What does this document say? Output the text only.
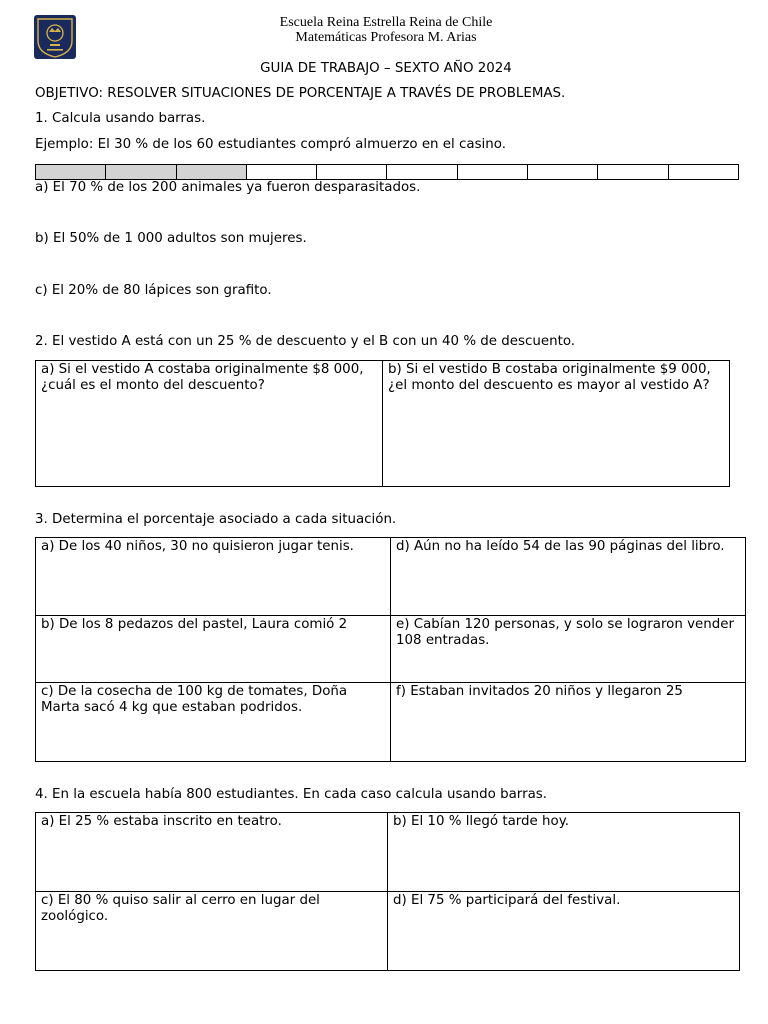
Escuela Reina Estrella Reina de Chile
Matemáticas Profesora M. Arias
GUIA DE TRABAJO – SEXTO AÑO 2024
OBJETIVO: RESOLVER SITUACIONES DE PORCENTAJE A TRAVÉS DE PROBLEMAS.
1. Calcula usando barras.
Ejemplo: El 30 % de los 60 estudiantes compró almuerzo en el casino.
a) El 70 % de los 200 animales ya fueron desparasitados.
b) El 50% de 1 000 adultos son mujeres.
c) El 20% de 80 lápices son grafito.
2. El vestido A está con un 25 % de descuento y el B con un 40 % de descuento.
a) Si el vestido A costaba originalmente $8 000, ¿cuál es el monto del descuento?	b) Si el vestido B costaba originalmente $9 000, ¿el monto del descuento es mayor al vestido A?
3. Determina el porcentaje asociado a cada situación.
a) De los 40 niños, 30 no quisieron jugar tenis.	d) Aún no ha leído 54 de las 90 páginas del libro.
b) De los 8 pedazos del pastel, Laura comió 2	e) Cabían 120 personas, y solo se lograron vender 108 entradas.
c) De la cosecha de 100 kg de tomates, Doña Marta sacó 4 kg que estaban podridos.	f) Estaban invitados 20 niños y llegaron 25
4. En la escuela había 800 estudiantes. En cada caso calcula usando barras.
a) El 25 % estaba inscrito en teatro.	b) El 10 % llegó tarde hoy.
c) El 80 % quiso salir al cerro en lugar del zoológico.	d) El 75 % participará del festival.
